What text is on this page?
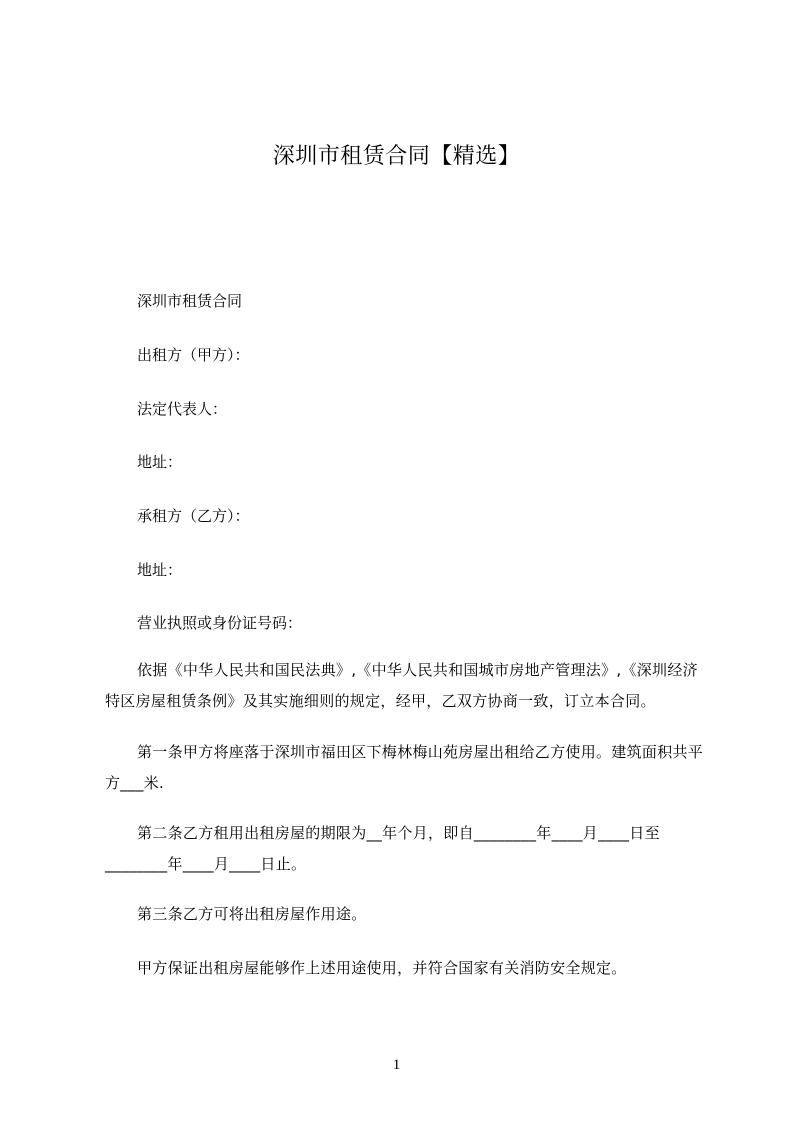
深圳市租赁合同【精选】
深圳市租赁合同
出租方（甲方）：
法定代表人：
地址：
承租方（乙方）：
地址：
营业执照或身份证号码：

依据《中华人民共和国民法典》,《中华人民共和国城市房地产管理法》,《深圳经济特区房屋租赁条例》及其实施细则的规定，经甲，乙双方协商一致，订立本合同。

第一条甲方将座落于深圳市福田区下梅林梅山苑房屋出租给乙方使用。建筑面积共平方___米.

第二条乙方租用出租房屋的期限为__年个月，即自________年____月____日至________年____月____日止。

第三条乙方可将出租房屋作用途。

甲方保证出租房屋能够作上述用途使用，并符合国家有关消防安全规定。

1
